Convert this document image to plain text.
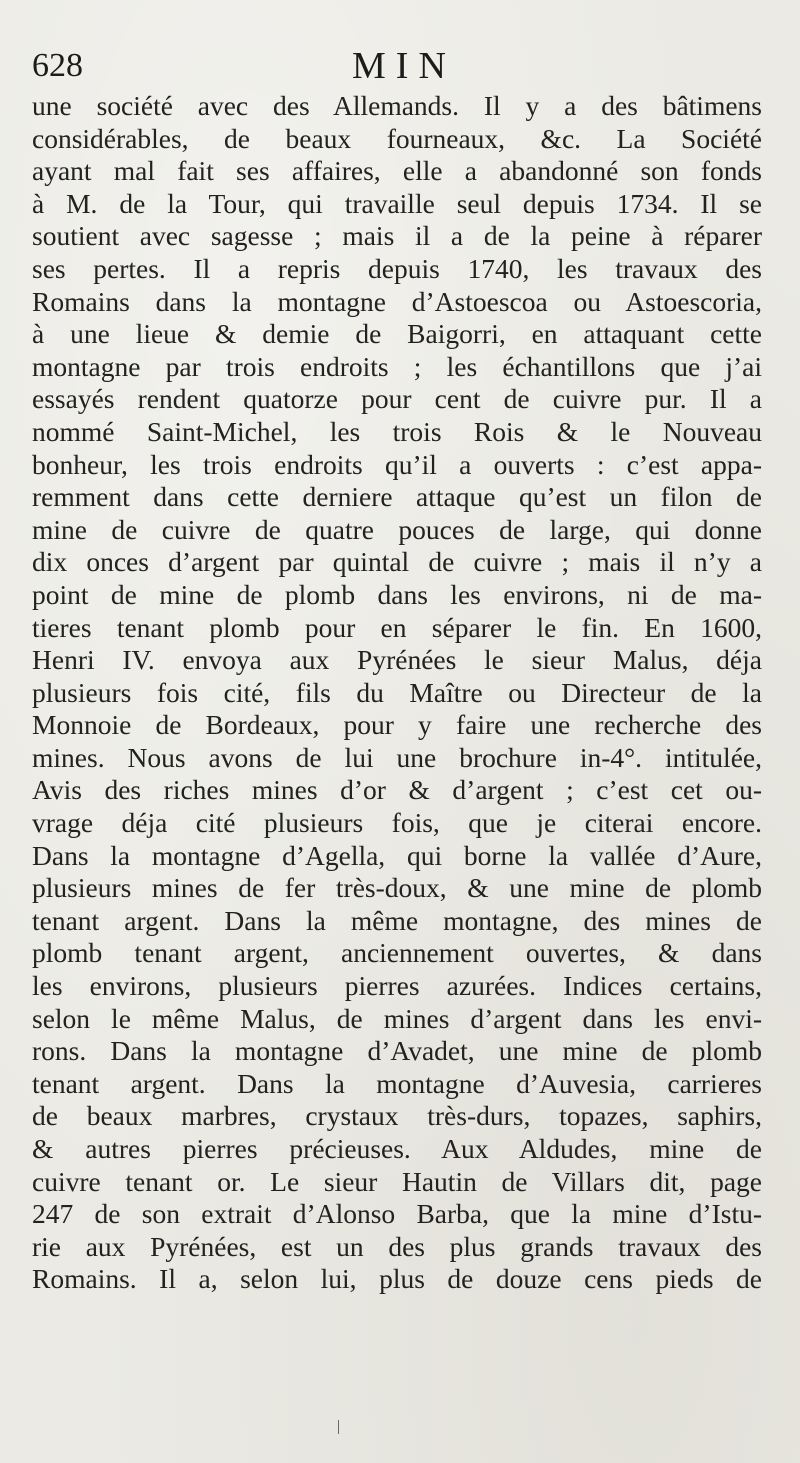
628	MIN
une société avec des Allemands. Il y a des bâtimens
considérables, de beaux fourneaux, &c. La Société
ayant mal fait ses affaires, elle a abandonné son fonds
à M. de la Tour, qui travaille seul depuis 1734. Il se
soutient avec sagesse ; mais il a de la peine à réparer
ses pertes. Il a repris depuis 1740, les travaux des
Romains dans la montagne d’Astoescoa ou Astoescoria,
à une lieue & demie de Baigorri, en attaquant cette
montagne par trois endroits ; les échantillons que j’ai
essayés rendent quatorze pour cent de cuivre pur. Il a
nommé Saint-Michel, les trois Rois & le Nouveau
bonheur, les trois endroits qu’il a ouverts : c’est appa-
remment dans cette derniere attaque qu’est un filon de
mine de cuivre de quatre pouces de large, qui donne
dix onces d’argent par quintal de cuivre ; mais il n’y a
point de mine de plomb dans les environs, ni de ma-
tieres tenant plomb pour en séparer le fin. En 1600,
Henri IV. envoya aux Pyrénées le sieur Malus, déja
plusieurs fois cité, fils du Maître ou Directeur de la
Monnoie de Bordeaux, pour y faire une recherche des
mines. Nous avons de lui une brochure in-4°. intitulée,
Avis des riches mines d’or & d’argent ; c’est cet ou-
vrage déja cité plusieurs fois, que je citerai encore.
Dans la montagne d’Agella, qui borne la vallée d’Aure,
plusieurs mines de fer très-doux, & une mine de plomb
tenant argent. Dans la même montagne, des mines de
plomb tenant argent, anciennement ouvertes, & dans
les environs, plusieurs pierres azurées. Indices certains,
selon le même Malus, de mines d’argent dans les envi-
rons. Dans la montagne d’Avadet, une mine de plomb
tenant argent. Dans la montagne d’Auvesia, carrieres
de beaux marbres, crystaux très-durs, topazes, saphirs,
& autres pierres précieuses. Aux Aldudes, mine de
cuivre tenant or. Le sieur Hautin de Villars dit, page
247 de son extrait d’Alonso Barba, que la mine d’Istu-
rie aux Pyrénées, est un des plus grands travaux des
Romains. Il a, selon lui, plus de douze cens pieds de
